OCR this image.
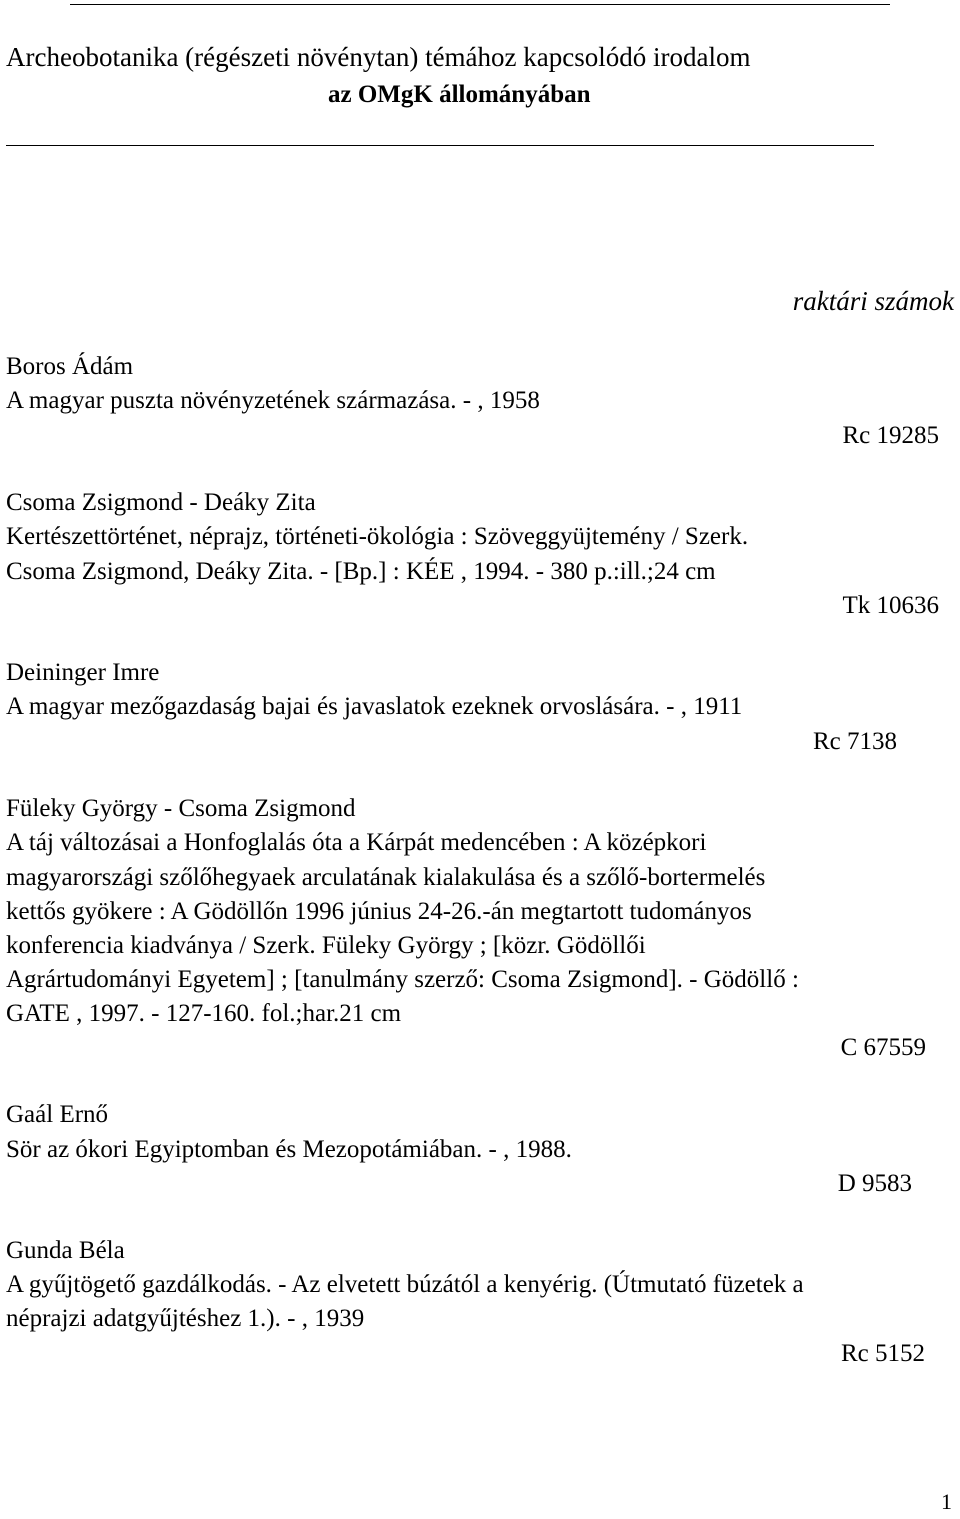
Archeobotanika (régészeti növénytan) témához kapcsolódó irodalom
az OMgK állományában
raktári számok
Boros Ádám
A magyar puszta növényzetének származása. - , 1958
Rc 19285
Csoma Zsigmond - Deáky Zita
Kertészettörténet, néprajz, történeti-ökológia : Szöveggyüjtemény / Szerk.
Csoma Zsigmond, Deáky Zita. - [Bp.] : KÉE , 1994. - 380 p.:ill.;24 cm
Tk 10636
Deininger Imre
A magyar mezőgazdaság bajai és javaslatok ezeknek orvoslására. - , 1911
Rc 7138
Füleky György - Csoma Zsigmond
A táj változásai a Honfoglalás óta a Kárpát medencében : A középkori
magyarországi szőlőhegyaek arculatának kialakulása és a szőlő-bortermelés
kettős gyökere : A Gödöllőn 1996 június 24-26.-án megtartott tudományos
konferencia kiadványa / Szerk. Füleky György ; [közr. Gödöllői
Agrártudományi Egyetem] ; [tanulmány szerző: Csoma Zsigmond]. - Gödöllő :
GATE , 1997. - 127-160. fol.;har.21 cm
C 67559
Gaál Ernő
Sör az ókori Egyiptomban és Mezopotámiában. - , 1988.
D 9583
Gunda Béla
A gyűjtögető gazdálkodás. - Az elvetett búzától a kenyérig. (Útmutató füzetek a
néprajzi adatgyűjtéshez 1.). - , 1939
Rc 5152
1
